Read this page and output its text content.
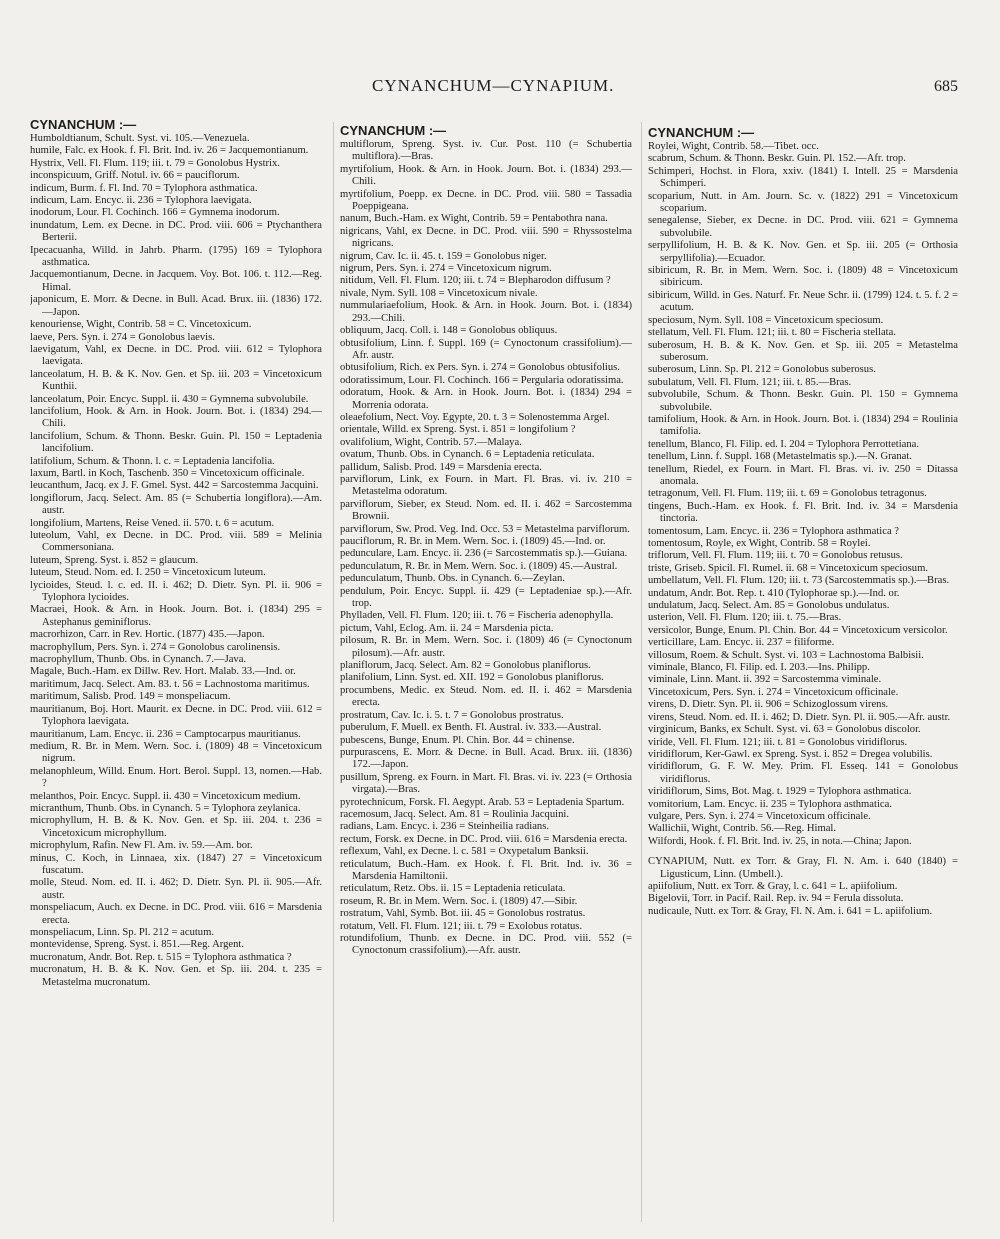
CYNANCHUM—CYNAPIUM.	685
CYNANCHUM :—

Humboldtianum, Schult. Syst. vi. 105.—Venezuela.

humile, Falc. ex Hook. f. Fl. Brit. Ind. iv. 26 = Jacquemontianum.

Hystrix, Vell. Fl. Flum. 119; iii. t. 79 = Gonolobus Hystrix.

inconspicuum, Griff. Notul. iv. 66 = pauciflorum.

indicum, Burm. f. Fl. Ind. 70 = Tylophora asthmatica.

indicum, Lam. Encyc. ii. 236 = Tylophora laevigata.

inodorum, Lour. Fl. Cochinch. 166 = Gymnema inodorum.

inundatum, Lem. ex Decne. in DC. Prod. viii. 606 = Ptychanthera Berterii.

Ipecacuanha, Willd. in Jahrb. Pharm. (1795) 169 = Tylophora asthmatica.

Jacquemontianum, Decne. in Jacquem. Voy. Bot. 106. t. 112.—Reg. Himal.

japonicum, E. Morr. & Decne. in Bull. Acad. Brux. iii. (1836) 172.—Japon.

kenouriense, Wight, Contrib. 58 = C. Vincetoxicum.

laeve, Pers. Syn. i. 274 = Gonolobus laevis.

laevigatum, Vahl, ex Decne. in DC. Prod. viii. 612 = Tylophora laevigata.

lanceolatum, H. B. & K. Nov. Gen. et Sp. iii. 203 = Vincetoxicum Kunthii.

lanceolatum, Poir. Encyc. Suppl. ii. 430 = Gymnema subvolubile.

lancifolium, Hook. & Arn. in Hook. Journ. Bot. i. (1834) 294.—Chili.

lancifolium, Schum. & Thonn. Beskr. Guin. Pl. 150 = Leptadenia lancifolium.

latifolium, Schum. & Thonn. l. c. = Leptadenia lancifolia.

laxum, Bartl. in Koch, Taschenb. 350 = Vincetoxicum officinale.

leucanthum, Jacq. ex J. F. Gmel. Syst. 442 = Sarcostemma Jacquini.

longiflorum, Jacq. Select. Am. 85 (= Schubertia longiflora).—Am. austr.

longifolium, Martens, Reise Vened. ii. 570. t. 6 = acutum.

luteolum, Vahl, ex Decne. in DC. Prod. viii. 589 = Melinia Commersoniana.

luteum, Spreng. Syst. i. 852 = glaucum.

luteum, Steud. Nom. ed. I. 250 = Vincetoxicum luteum.

lycioides, Steud. l. c. ed. II. i. 462; D. Dietr. Syn. Pl. ii. 906 = Tylophora lycioides.

Macraei, Hook. & Arn. in Hook. Journ. Bot. i. (1834) 295 = Astephanus geminiflorus.

macrorhizon, Carr. in Rev. Hortic. (1877) 435.—Japon.

macrophyllum, Pers. Syn. i. 274 = Gonolobus carolinensis.

macrophyllum, Thunb. Obs. in Cynanch. 7.—Java.

Magale, Buch.-Ham. ex Dillw. Rev. Hort. Malab. 33.—Ind. or.

maritimum, Jacq. Select. Am. 83. t. 56 = Lachnostoma maritimus.

maritimum, Salisb. Prod. 149 = monspeliacum.

mauritianum, Boj. Hort. Maurit. ex Decne. in DC. Prod. viii. 612 = Tylophora laevigata.

mauritianum, Lam. Encyc. ii. 236 = Camptocarpus mauritianus.

medium, R. Br. in Mem. Wern. Soc. i. (1809) 48 = Vincetoxicum nigrum.

melanophleum, Willd. Enum. Hort. Berol. Suppl. 13, nomen.—Hab. ?

melanthos, Poir. Encyc. Suppl. ii. 430 = Vincetoxicum medium.

micranthum, Thunb. Obs. in Cynanch. 5 = Tylophora zeylanica.

microphyllum, H. B. & K. Nov. Gen. et Sp. iii. 204. t. 236 = Vincetoxicum microphyllum.

microphylum, Rafin. New Fl. Am. iv. 59.—Am. bor.

minus, C. Koch, in Linnaea, xix. (1847) 27 = Vincetoxicum fuscatum.

molle, Steud. Nom. ed. II. i. 462; D. Dietr. Syn. Pl. ii. 905.—Afr. austr.

monspeliacum, Auch. ex Decne. in DC. Prod. viii. 616 = Marsdenia erecta.

monspeliacum, Linn. Sp. Pl. 212 = acutum.

montevidense, Spreng. Syst. i. 851.—Reg. Argent.

mucronatum, Andr. Bot. Rep. t. 515 = Tylophora asthmatica ?

mucronatum, H. B. & K. Nov. Gen. et Sp. iii. 204. t. 235 = Metastelma mucronatum.

CYNANCHUM :—

multiflorum, Spreng. Syst. iv. Cur. Post. 110 (= Schubertia multiflora).—Bras.

myrtifolium, Hook. & Arn. in Hook. Journ. Bot. i. (1834) 293.—Chili.

myrtifolium, Poepp. ex Decne. in DC. Prod. viii. 580 = Tassadia Poeppigeana.

nanum, Buch.-Ham. ex Wight, Contrib. 59 = Pentabothra nana.

nigricans, Vahl, ex Decne. in DC. Prod. viii. 590 = Rhyssostelma nigricans.

nigrum, Cav. Ic. ii. 45. t. 159 = Gonolobus niger.

nigrum, Pers. Syn. i. 274 = Vincetoxicum nigrum.

nitidum, Vell. Fl. Flum. 120; iii. t. 74 = Blepharodon diffusum ?

nivale, Nym. Syll. 108 = Vincetoxicum nivale.

nummulariaefolium, Hook. & Arn. in Hook. Journ. Bot. i. (1834) 293.—Chili.

obliquum, Jacq. Coll. i. 148 = Gonolobus obliquus.

obtusifolium, Linn. f. Suppl. 169 (= Cynoctonum crassifolium).—Afr. austr.

obtusifolium, Rich. ex Pers. Syn. i. 274 = Gonolobus obtusifolius.

odoratissimum, Lour. Fl. Cochinch. 166 = Pergularia odoratissima.

odoratum, Hook. & Arn. in Hook. Journ. Bot. i. (1834) 294 = Morrenia odorata.

oleaefolium, Nect. Voy. Egypte, 20. t. 3 = Solenostemma Argel.

orientale, Willd. ex Spreng. Syst. i. 851 = longifolium ?

ovalifolium, Wight, Contrib. 57.—Malaya.

ovatum, Thunb. Obs. in Cynanch. 6 = Leptadenia reticulata.

pallidum, Salisb. Prod. 149 = Marsdenia erecta.

parviflorum, Link, ex Fourn. in Mart. Fl. Bras. vi. iv. 210 = Metastelma odoratum.

parviflorum, Sieber, ex Steud. Nom. ed. II. i. 462 = Sarcostemma Brownii.

parviflorum, Sw. Prod. Veg. Ind. Occ. 53 = Metastelma parviflorum.

pauciflorum, R. Br. in Mem. Wern. Soc. i. (1809) 45.—Ind. or.

pedunculare, Lam. Encyc. ii. 236 (= Sarcostemmatis sp.).—Guiana.

pedunculatum, R. Br. in Mem. Wern. Soc. i. (1809) 45.—Austral.

pedunculatum, Thunb. Obs. in Cynanch. 6.—Zeylan.

pendulum, Poir. Encyc. Suppl. ii. 429 (= Leptadeniae sp.).—Afr. trop.

Phylladen, Vell. Fl. Flum. 120; iii. t. 76 = Fischeria adenophylla.

pictum, Vahl, Eclog. Am. ii. 24 = Marsdenia picta.

pilosum, R. Br. in Mem. Wern. Soc. i. (1809) 46 (= Cynoctonum pilosum).—Afr. austr.

planiflorum, Jacq. Select. Am. 82 = Gonolobus planiflorus.

planifolium, Linn. Syst. ed. XII. 192 = Gonolobus planiflorus.

procumbens, Medic. ex Steud. Nom. ed. II. i. 462 = Marsdenia erecta.

prostratum, Cav. Ic. i. 5. t. 7 = Gonolobus prostratus.

puberulum, F. Muell. ex Benth. Fl. Austral. iv. 333.—Austral.

pubescens, Bunge, Enum. Pl. Chin. Bor. 44 = chinense.

purpurascens, E. Morr. & Decne. in Bull. Acad. Brux. iii. (1836) 172.—Japon.

pusillum, Spreng. ex Fourn. in Mart. Fl. Bras. vi. iv. 223 (= Orthosia virgata).—Bras.

pyrotechnicum, Forsk. Fl. Aegypt. Arab. 53 = Leptadenia Spartum.

racemosum, Jacq. Select. Am. 81 = Roulinia Jacquini.

radians, Lam. Encyc. i. 236 = Steinheilia radians.

rectum, Forsk. ex Decne. in DC. Prod. viii. 616 = Marsdenia erecta.

reflexum, Vahl, ex Decne. l. c. 581 = Oxypetalum Banksii.

reticulatum, Buch.-Ham. ex Hook. f. Fl. Brit. Ind. iv. 36 = Marsdenia Hamiltonii.

reticulatum, Retz. Obs. ii. 15 = Leptadenia reticulata.

roseum, R. Br. in Mem. Wern. Soc. i. (1809) 47.—Sibir.

rostratum, Vahl, Symb. Bot. iii. 45 = Gonolobus rostratus.

rotatum, Vell. Fl. Flum. 121; iii. t. 79 = Exolobus rotatus.

rotundifolium, Thunb. ex Decne. in DC. Prod. viii. 552 (= Cynoctonum crassifolium).—Afr. austr.

CYNANCHUM :—

Roylei, Wight, Contrib. 58.—Tibet. occ.

scabrum, Schum. & Thonn. Beskr. Guin. Pl. 152.—Afr. trop.

Schimperi, Hochst. in Flora, xxiv. (1841) I. Intell. 25 = Marsdenia Schimperi.

scoparium, Nutt. in Am. Journ. Sc. v. (1822) 291 = Vincetoxicum scoparium.

senegalense, Sieber, ex Decne. in DC. Prod. viii. 621 = Gymnema subvolubile.

serpyllifolium, H. B. & K. Nov. Gen. et Sp. iii. 205 (= Orthosia serpyllifolia).—Ecuador.

sibiricum, R. Br. in Mem. Wern. Soc. i. (1809) 48 = Vincetoxicum sibiricum.

sibiricum, Willd. in Ges. Naturf. Fr. Neue Schr. ii. (1799) 124. t. 5. f. 2 = acutum.

speciosum, Nym. Syll. 108 = Vincetoxicum speciosum.

stellatum, Vell. Fl. Flum. 121; iii. t. 80 = Fischeria stellata.

suberosum, H. B. & K. Nov. Gen. et Sp. iii. 205 = Metastelma suberosum.

suberosum, Linn. Sp. Pl. 212 = Gonolobus suberosus.

subulatum, Vell. Fl. Flum. 121; iii. t. 85.—Bras.

subvolubile, Schum. & Thonn. Beskr. Guin. Pl. 150 = Gymnema subvolubile.

tamifolium, Hook. & Arn. in Hook. Journ. Bot. i. (1834) 294 = Roulinia tamifolia.

tenellum, Blanco, Fl. Filip. ed. I. 204 = Tylophora Perrottetiana.

tenellum, Linn. f. Suppl. 168 (Metastelmatis sp.).—N. Granat.

tenellum, Riedel, ex Fourn. in Mart. Fl. Bras. vi. iv. 250 = Ditassa anomala.

tetragonum, Vell. Fl. Flum. 119; iii. t. 69 = Gonolobus tetragonus.

tingens, Buch.-Ham. ex Hook. f. Fl. Brit. Ind. iv. 34 = Marsdenia tinctoria.

tomentosum, Lam. Encyc. ii. 236 = Tylophora asthmatica ?

tomentosum, Royle, ex Wight, Contrib. 58 = Roylei.

triflorum, Vell. Fl. Flum. 119; iii. t. 70 = Gonolobus retusus.

triste, Griseb. Spicil. Fl. Rumel. ii. 68 = Vincetoxicum speciosum.

umbellatum, Vell. Fl. Flum. 120; iii. t. 73 (Sarcostemmatis sp.).—Bras.

undatum, Andr. Bot. Rep. t. 410 (Tylophorae sp.).—Ind. or.

undulatum, Jacq. Select. Am. 85 = Gonolobus undulatus.

usterion, Vell. Fl. Flum. 120; iii. t. 75.—Bras.

versicolor, Bunge, Enum. Pl. Chin. Bor. 44 = Vincetoxicum versicolor.

verticillare, Lam. Encyc. ii. 237 = filiforme.

villosum, Roem. & Schult. Syst. vi. 103 = Lachnostoma Balbisii.

viminale, Blanco, Fl. Filip. ed. I. 203.—Ins. Philipp.

viminale, Linn. Mant. ii. 392 = Sarcostemma viminale.

Vincetoxicum, Pers. Syn. i. 274 = Vincetoxicum officinale.

virens, D. Dietr. Syn. Pl. ii. 906 = Schizoglossum virens.

virens, Steud. Nom. ed. II. i. 462; D. Dietr. Syn. Pl. ii. 905.—Afr. austr.

virginicum, Banks, ex Schult. Syst. vi. 63 = Gonolobus discolor.

viride, Vell. Fl. Flum. 121; iii. t. 81 = Gonolobus viridiflorus.

viridiflorum, Ker-Gawl. ex Spreng. Syst. i. 852 = Dregea volubilis.

viridiflorum, G. F. W. Mey. Prim. Fl. Esseq. 141 = Gonolobus viridiflorus.

viridiflorum, Sims, Bot. Mag. t. 1929 = Tylophora asthmatica.

vomitorium, Lam. Encyc. ii. 235 = Tylophora asthmatica.

vulgare, Pers. Syn. i. 274 = Vincetoxicum officinale.

Wallichii, Wight, Contrib. 56.—Reg. Himal.

Wilfordi, Hook. f. Fl. Brit. Ind. iv. 25, in nota.—China; Japon.

CYNAPIUM, Nutt. ex Torr. & Gray, Fl. N. Am. i. 640 (1840) = Ligusticum, Linn. (Umbell.).

apiifolium, Nutt. ex Torr. & Gray, l. c. 641 = L. apiifolium.

Bigelovii, Torr. in Pacif. Rail. Rep. iv. 94 = Ferula dissoluta.

nudicaule, Nutt. ex Torr. & Gray, Fl. N. Am. i. 641 = L. apiifolium.
